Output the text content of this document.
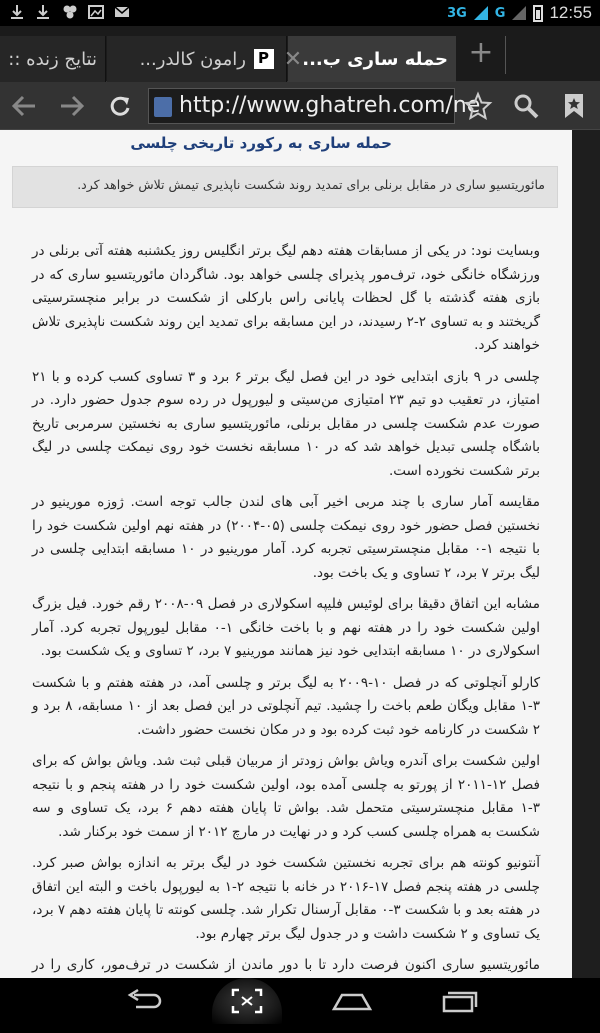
3G G	12:55
نتایج زنده ::
P رامون کالدر...	حمله ساری ب...
✕	+
http://www.ghatreh.com/ne
حمله ساری به رکورد تاریخی چلسی
مائوریتسیو ساری در مقابل برنلی برای تمدید روند شکست ناپذیری تیمش تلاش خواهد کرد.

وبسایت نود: در یکی از مسابقات هفته دهم لیگ برتر انگلیس روز یکشنبه هفته آتی برنلی در ورزشگاه خانگی خود، ترف‌مور پذیرای چلسی خواهد بود. شاگردان مائوریتسیو ساری که در بازی هفته گذشته با گل لحظات پایانی راس بارکلی از شکست در برابر منچسترسیتی گریختند و به تساوی ۲-۲ رسیدند، در این مسابقه برای تمدید این روند شکست ناپذیری تلاش خواهند کرد.

چلسی در ۹ بازی ابتدایی خود در این فصل لیگ برتر ۶ برد و ۳ تساوی کسب کرده و با ۲۱ امتیاز، در تعقیب دو تیم ۲۳ امتیازی من‌سیتی و لیورپول در رده سوم جدول حضور دارد. در صورت عدم شکست چلسی در مقابل برنلی، مائوریتسیو ساری به نخستین سرمربی تاریخ باشگاه چلسی تبدیل خواهد شد که در ۱۰ مسابقه نخست خود روی نیمکت چلسی در لیگ برتر شکست نخورده است.

مقایسه آمار ساری با چند مربی اخیر آبی های لندن جالب توجه است. ژوزه مورینیو در نخستین فصل حضور خود روی نیمکت چلسی (۰۵-۲۰۰۴) در هفته نهم اولین شکست خود را با نتیجه ۱-۰ مقابل منچسترسیتی تجربه کرد. آمار مورینیو در ۱۰ مسابقه ابتدایی چلسی در لیگ برتر ۷ برد، ۲ تساوی و یک باخت بود.

مشابه این اتفاق دقیقا برای لوئیس فلیپه اسکولاری در فصل ۰۹-۲۰۰۸ رقم خورد. فیل بزرگ اولین شکست خود را در هفته نهم و با باخت خانگی ۱-۰ مقابل لیورپول تجربه کرد. آمار اسکولاری در ۱۰ مسابقه ابتدایی خود نیز همانند مورینیو ۷ برد، ۲ تساوی و یک شکست بود.

کارلو آنچلوتی که در فصل ۱۰-۲۰۰۹ به لیگ برتر و چلسی آمد، در هفته هفتم و با شکست ۳-۱ مقابل ویگان طعم باخت را چشید. تیم آنچلوتی در این فصل بعد از ۱۰ مسابقه، ۸ برد و ۲ شکست در کارنامه خود ثبت کرده بود و در مکان نخست حضور داشت.

اولین شکست برای آندره ویاش بواش زودتر از مربیان قبلی ثبت شد. ویاش بواش که برای فصل ۱۲-۲۰۱۱ از پورتو به چلسی آمده بود، اولین شکست خود را در هفته پنجم و با نتیجه ۳-۱ مقابل منچسترسیتی متحمل شد. بواش تا پایان هفته دهم ۶ برد، یک تساوی و سه شکست به همراه چلسی کسب کرد و در نهایت در مارچ ۲۰۱۲ از سمت خود برکنار شد.

آنتونیو کونته هم برای تجربه نخستین شکست خود در لیگ برتر به اندازه بواش صبر کرد. چلسی در هفته پنجم فصل ۱۷-۲۰۱۶ در خانه با نتیجه ۲-۱ به لیورپول باخت و البته این اتفاق در هفته بعد و با شکست ۳-۰ مقابل آرسنال تکرار شد. چلسی کونته تا پایان هفته دهم ۷ برد، یک تساوی و ۲ شکست داشت و در جدول لیگ برتر چهارم بود.

مائوریتسیو ساری اکنون فرصت دارد تا با دور ماندن از شکست در ترف‌مور، کاری را در
